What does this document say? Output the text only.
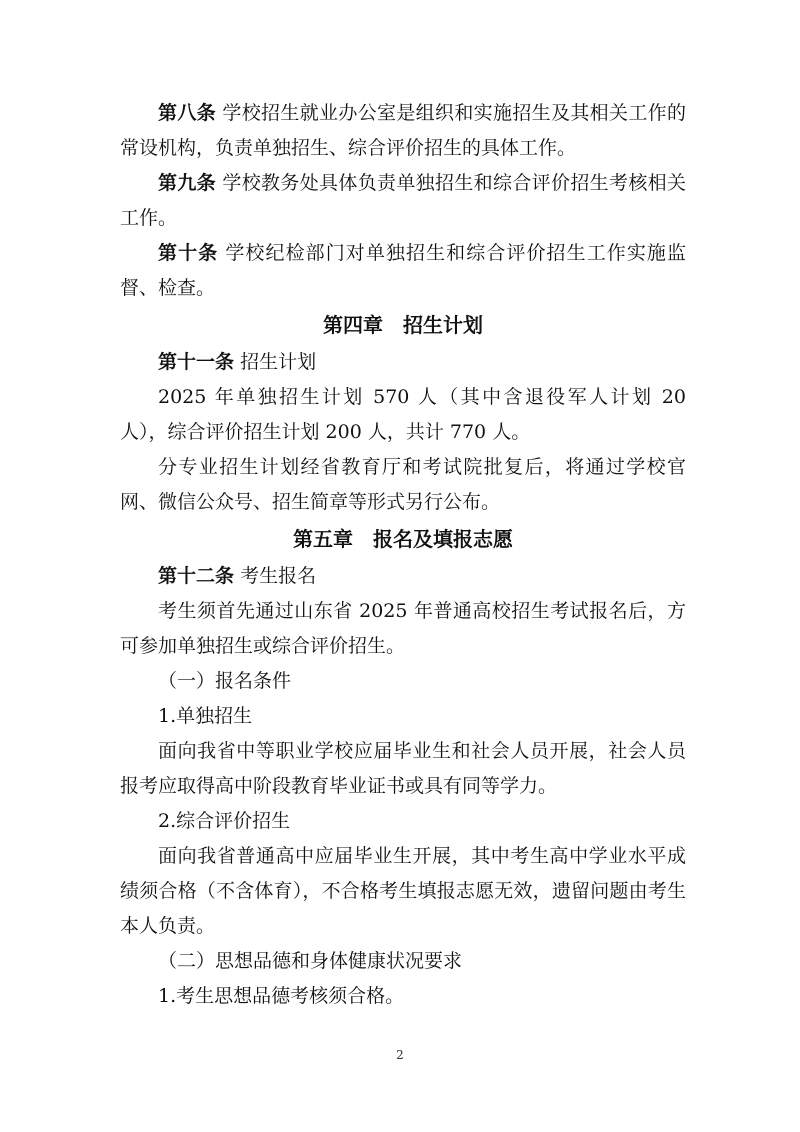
第八条 学校招生就业办公室是组织和实施招生及其相关工作的常设机构，负责单独招生、综合评价招生的具体工作。

第九条 学校教务处具体负责单独招生和综合评价招生考核相关工作。

第十条 学校纪检部门对单独招生和综合评价招生工作实施监督、检查。

第四章　招生计划

第十一条 招生计划

2025 年单独招生计划 570 人（其中含退役军人计划 20 人），综合评价招生计划 200 人，共计 770 人。

分专业招生计划经省教育厅和考试院批复后，将通过学校官网、微信公众号、招生简章等形式另行公布。

第五章　报名及填报志愿

第十二条 考生报名

考生须首先通过山东省 2025 年普通高校招生考试报名后，方可参加单独招生或综合评价招生。

（一）报名条件

1.单独招生

面向我省中等职业学校应届毕业生和社会人员开展，社会人员报考应取得高中阶段教育毕业证书或具有同等学力。

2.综合评价招生

面向我省普通高中应届毕业生开展，其中考生高中学业水平成绩须合格（不含体育），不合格考生填报志愿无效，遗留问题由考生本人负责。

（二）思想品德和身体健康状况要求

1.考生思想品德考核须合格。

2
